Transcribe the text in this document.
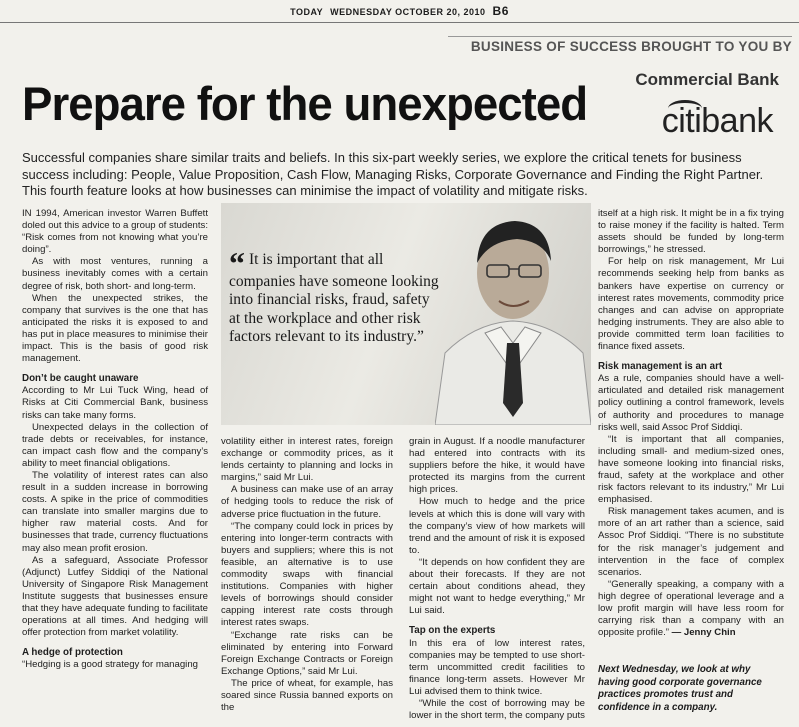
TODAY WEDNESDAY OCTOBER 20, 2010 B6
BUSINESS OF SUCCESS BROUGHT TO YOU BY
Commercial Bank
citibank
Prepare for the unexpected
Successful companies share similar traits and beliefs. In this six-part weekly series, we explore the critical tenets for business success including: People, Value Proposition, Cash Flow, Managing Risks, Corporate Governance and Finding the Right Partner. This fourth feature looks at how businesses can minimise the impact of volatility and mitigate risks.

IN 1994, American investor Warren Buffett doled out this advice to a group of students: “Risk comes from not knowing what you’re doing”.

As with most ventures, running a business inevitably comes with a certain degree of risk, both short- and long-term.

When the unexpected strikes, the company that survives is the one that has anticipated the risks it is exposed to and has put in place measures to minimise their impact. This is the basis of good risk management.

Don’t be caught unaware

According to Mr Lui Tuck Wing, head of Risks at Citi Commercial Bank, business risks can take many forms.

Unexpected delays in the collection of trade debts or receivables, for instance, can impact cash flow and the company’s ability to meet financial obligations.

The volatility of interest rates can also result in a sudden increase in borrowing costs. A spike in the price of commodities can translate into smaller margins due to higher raw material costs. And for businesses that trade, currency fluctuations may also mean profit erosion.

As a safeguard, Associate Professor (Adjunct) Lutfey Siddiqi of the National University of Singapore Risk Management Institute suggests that businesses ensure that they have adequate funding to facilitate operations at all times. And hedging will offer protection from market volatility.

A hedge of protection

“Hedging is a good strategy for managing

“ It is important that all companies have someone looking into financial risks, fraud, safety at the workplace and other risk factors relevant to its industry.”

volatility either in interest rates, foreign exchange or commodity prices, as it lends certainty to planning and locks in margins,” said Mr Lui.

A business can make use of an array of hedging tools to reduce the risk of adverse price fluctuation in the future.

“The company could lock in prices by entering into longer-term contracts with buyers and suppliers; where this is not feasible, an alternative is to use commodity swaps with financial institutions. Companies with higher levels of borrowings should consider capping interest rate costs through interest rates swaps.

“Exchange rate risks can be eliminated by entering into Forward Foreign Exchange Contracts or Foreign Exchange Options,” said Mr Lui.

The price of wheat, for example, has soared since Russia banned exports on the

grain in August. If a noodle manufacturer had entered into contracts with its suppliers before the hike, it would have protected its margins from the current high prices.

How much to hedge and the price levels at which this is done will vary with the company’s view of how markets will trend and the amount of risk it is exposed to.

“It depends on how confident they are about their forecasts. If they are not certain about conditions ahead, they might not want to hedge everything,” Mr Lui said.

Tap on the experts

In this era of low interest rates, companies may be tempted to use short-term uncommitted credit facilities to finance long-term assets. However Mr Lui advised them to think twice.

“While the cost of borrowing may be lower in the short term, the company puts

itself at a high risk. It might be in a fix trying to raise money if the facility is halted. Term assets should be funded by long-term borrowings,” he stressed.

For help on risk management, Mr Lui recommends seeking help from banks as bankers have expertise on currency or interest rates movements, commodity price changes and can advise on appropriate hedging instruments. They are also able to provide committed term loan facilities to finance fixed assets.

Risk management is an art

As a rule, companies should have a well-articulated and detailed risk management policy outlining a control framework, levels of authority and procedures to manage risks well, said Assoc Prof Siddiqi.

“It is important that all companies, including small- and medium-sized ones, have someone looking into financial risks, fraud, safety at the workplace and other risk factors relevant to its industry,” Mr Lui emphasised.

Risk management takes acumen, and is more of an art rather than a science, said Assoc Prof Siddiqi. “There is no substitute for the risk manager’s judgement and intervention in the face of complex scenarios.

“Generally speaking, a company with a high degree of operational leverage and a low profit margin will have less room for carrying risk than a company with an opposite profile.” — Jenny Chin

Next Wednesday, we look at why having good corporate governance practices promotes trust and confidence in a company.
